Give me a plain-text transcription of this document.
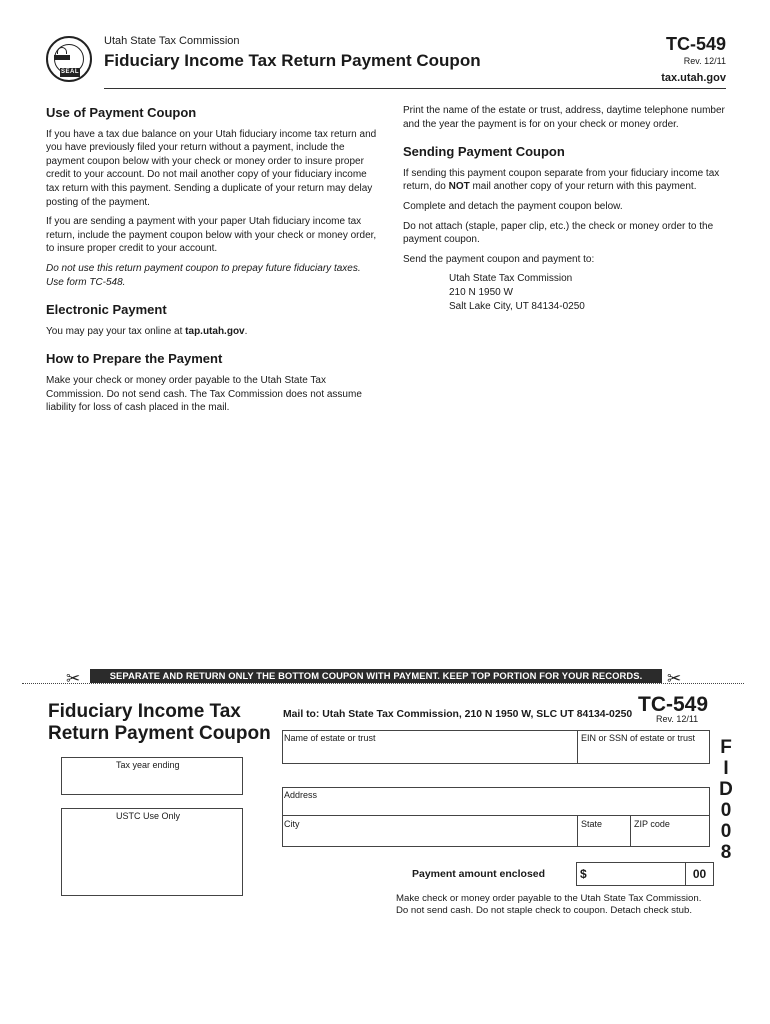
SEAL
Utah State Tax Commission
Fiduciary Income Tax Return Payment Coupon
TC-549
Rev. 12/11
tax.utah.gov
Use of Payment Coupon

If you have a tax due balance on your Utah fiduciary income tax return and you have previously filed your return without a payment, include the payment coupon below with your check or money order to insure proper credit to your account. Do not mail another copy of your fiduciary income tax return with this payment. Sending a duplicate of your return may delay posting of the payment.

If you are sending a payment with your paper Utah fiduciary income tax return, include the payment coupon below with your check or money order, to insure proper credit to your account.

Do not use this return payment coupon to prepay future fiduciary taxes. Use form TC-548.

Electronic Payment

You may pay your tax online at tap.utah.gov.

How to Prepare the Payment

Make your check or money order payable to the Utah State Tax Commission. Do not send cash. The Tax Commission does not assume liability for loss of cash placed in the mail.

Print the name of the estate or trust, address, daytime telephone number and the year the payment is for on your check or money order.

Sending Payment Coupon

If sending this payment coupon separate from your fiduciary income tax return, do NOT mail another copy of your return with this payment.

Complete and detach the payment coupon below.

Do not attach (staple, paper clip, etc.) the check or money order to the payment coupon.

Send the payment coupon and payment to:

Utah State Tax Commission

210 N 1950 W

Salt Lake City, UT 84134-0250

✂	SEPARATE AND RETURN ONLY THE BOTTOM COUPON WITH PAYMENT. KEEP TOP PORTION FOR YOUR RECORDS.	✂
Fiduciary Income Tax
Return Payment Coupon
Mail to: Utah State Tax Commission, 210 N 1950 W, SLC UT 84134-0250 TC-549
Rev. 12/11
F
I
D
0
0
8
Tax year ending
USTC Use Only
Name of estate or trust	EIN or SSN of estate or trust
Address
City	State	ZIP code
Payment amount enclosed	$	00
Make check or money order payable to the Utah State Tax Commission.
Do not send cash. Do not staple check to coupon. Detach check stub.
